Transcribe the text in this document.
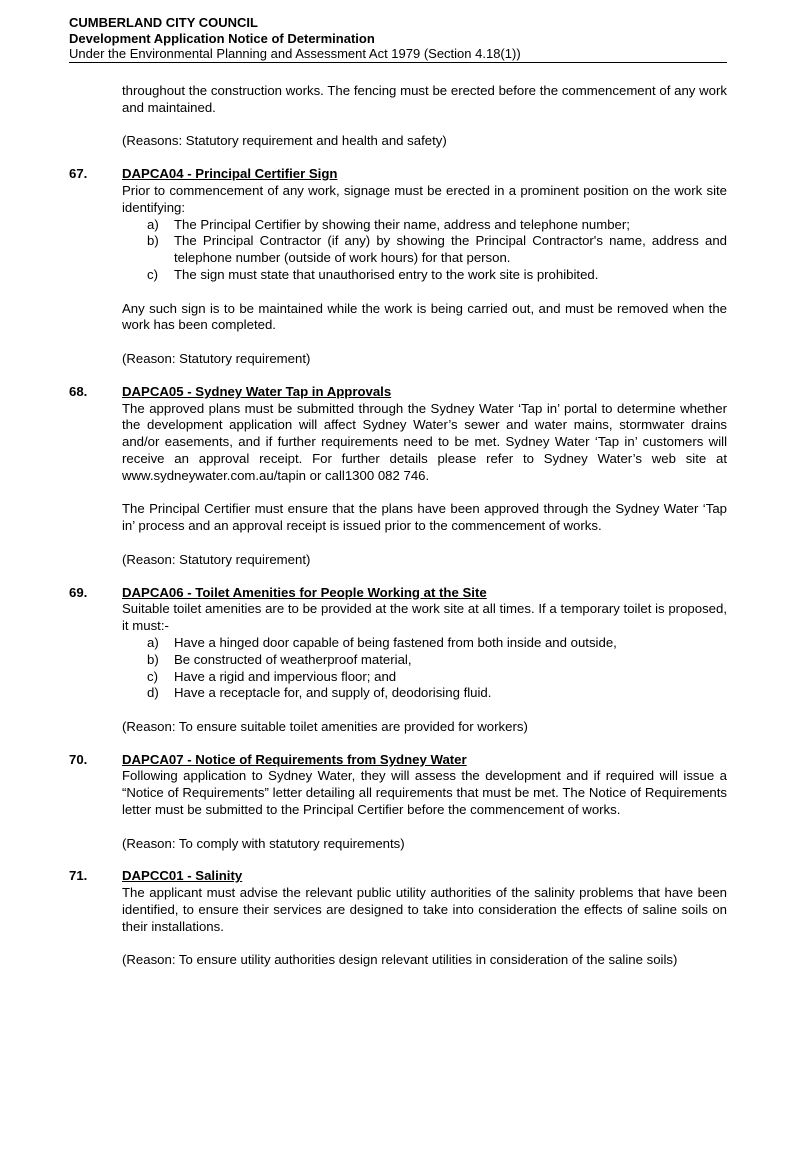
CUMBERLAND CITY COUNCIL
Development Application Notice of Determination
Under the Environmental Planning and Assessment Act 1979 (Section 4.18(1))

throughout the construction works. The fencing must be erected before the commencement of any work and maintained.

(Reasons: Statutory requirement and health and safety)

67.	DAPCA04 - Principal Certifier Sign

Prior to commencement of any work, signage must be erected in a prominent position on the work site identifying:

a) The Principal Certifier by showing their name, address and telephone number;
b) The Principal Contractor (if any) by showing the Principal Contractor's name, address and telephone number (outside of work hours) for that person.
c) The sign must state that unauthorised entry to the work site is prohibited.

Any such sign is to be maintained while the work is being carried out, and must be removed when the work has been completed.

(Reason: Statutory requirement)

68.	DAPCA05 - Sydney Water Tap in Approvals

The approved plans must be submitted through the Sydney Water ‘Tap in’ portal to determine whether the development application will affect Sydney Water’s sewer and water mains, stormwater drains and/or easements, and if further requirements need to be met. Sydney Water ‘Tap in’ customers will receive an approval receipt. For further details please refer to Sydney Water’s web site at www.sydneywater.com.au/tapin or call1300 082 746.

The Principal Certifier must ensure that the plans have been approved through the Sydney Water ‘Tap in’ process and an approval receipt is issued prior to the commencement of works.

(Reason: Statutory requirement)

69.	DAPCA06 - Toilet Amenities for People Working at the Site

Suitable toilet amenities are to be provided at the work site at all times. If a temporary toilet is proposed, it must:-

a) Have a hinged door capable of being fastened from both inside and outside,
b) Be constructed of weatherproof material,
c) Have a rigid and impervious floor; and
d) Have a receptacle for, and supply of, deodorising fluid.

(Reason: To ensure suitable toilet amenities are provided for workers)

70.	DAPCA07 - Notice of Requirements from Sydney Water

Following application to Sydney Water, they will assess the development and if required will issue a “Notice of Requirements” letter detailing all requirements that must be met. The Notice of Requirements letter must be submitted to the Principal Certifier before the commencement of works.

(Reason: To comply with statutory requirements)

71.	DAPCC01 - Salinity

The applicant must advise the relevant public utility authorities of the salinity problems that have been identified, to ensure their services are designed to take into consideration the effects of saline soils on their installations.

(Reason: To ensure utility authorities design relevant utilities in consideration of the saline soils)
